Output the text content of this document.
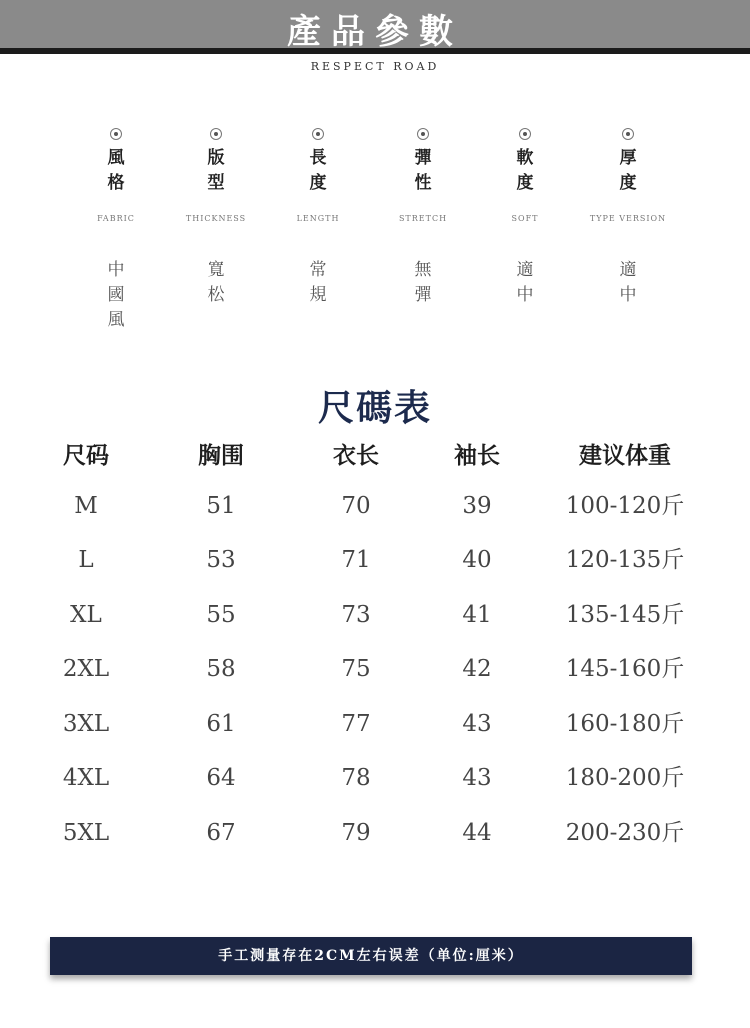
產品參數
RESPECT ROAD
風格
FABRIC
中國風
版型
THICKNESS
寬松
長度
LENGTH
常規
彈性
STRETCH
無彈
軟度
SOFT
適中
厚度
TYPE VERSION
適中
尺碼表
尺码	胸围	衣长	袖长	建议体重
M	51	70	39	100-120斤
L	53	71	40	120-135斤
XL	55	73	41	135-145斤
2XL	58	75	42	145-160斤
3XL	61	77	43	160-180斤
4XL	64	78	43	180-200斤
5XL	67	79	44	200-230斤
手工测量存在2CM左右误差（单位:厘米）
